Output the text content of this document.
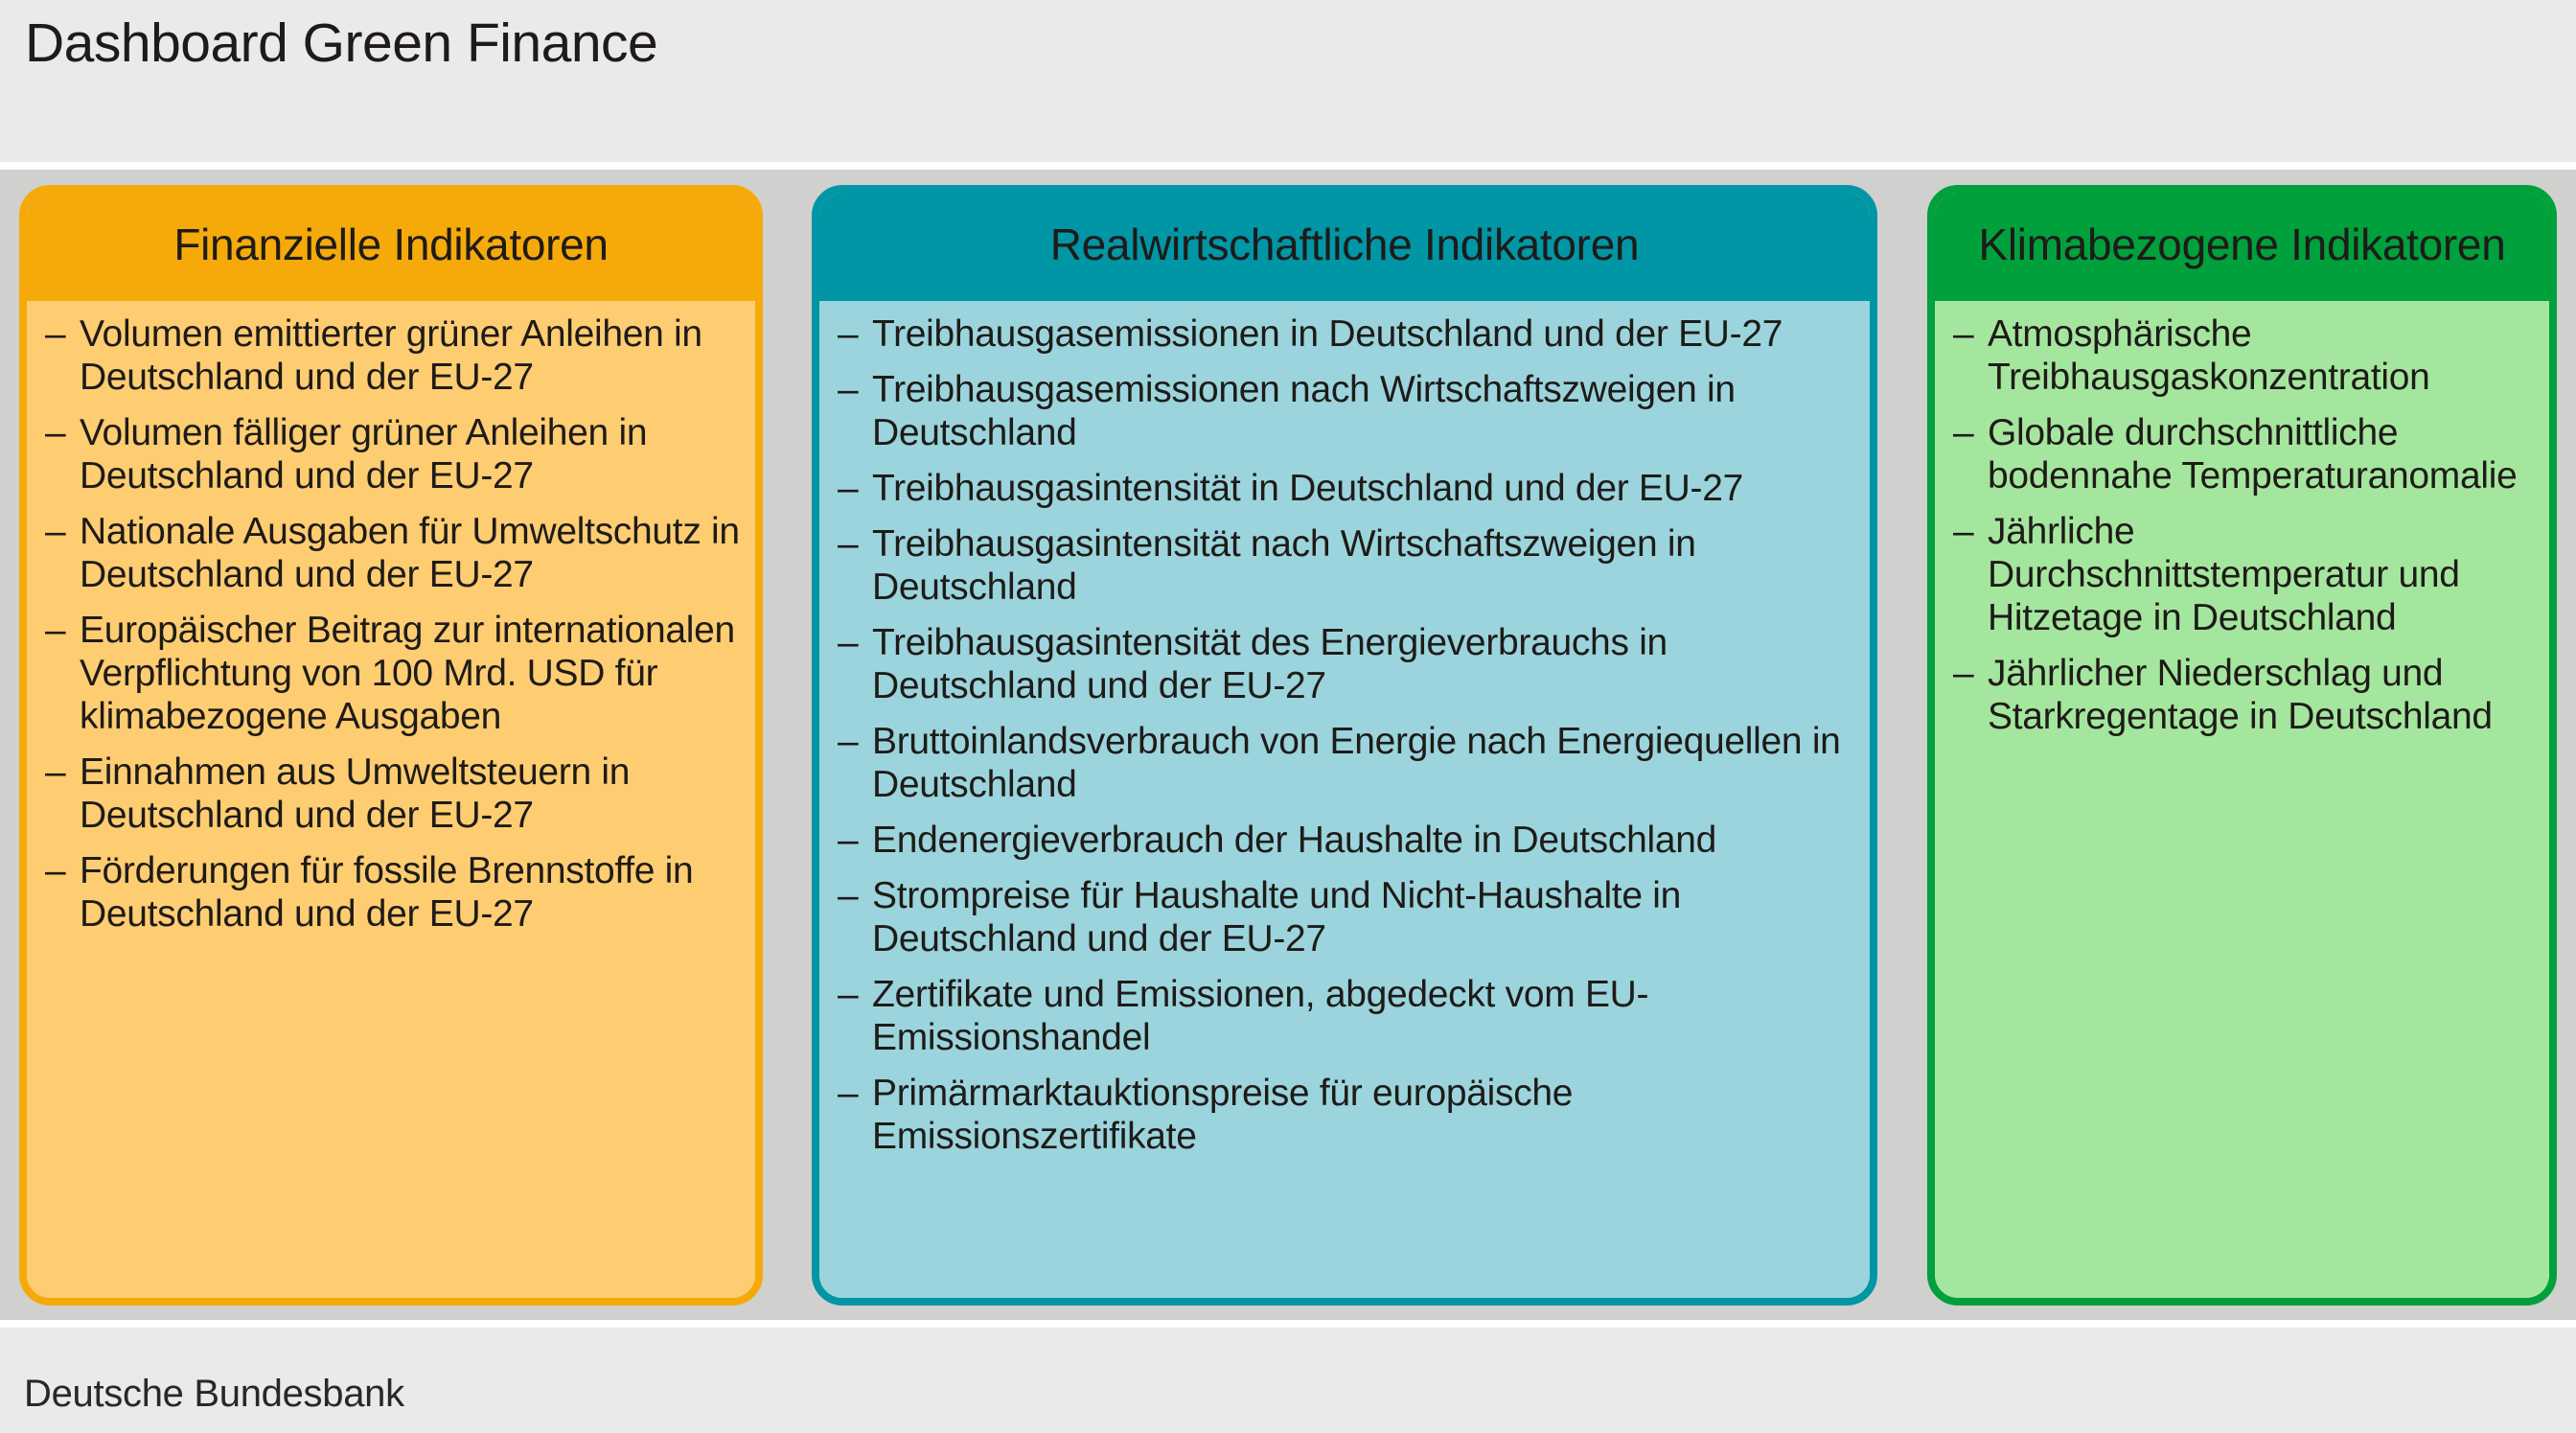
Dashboard Green Finance
Finanzielle Indikatoren
– Volumen emittierter grüner Anleihen in Deutschland und der EU-27
– Volumen fälliger grüner Anleihen in Deutschland und der EU-27
– Nationale Ausgaben für Umweltschutz in Deutschland und der EU-27
– Europäischer Beitrag zur internationalen Verpflichtung von 100 Mrd. USD für klimabezogene Ausgaben
– Einnahmen aus Umweltsteuern in Deutschland und der EU-27
– Förderungen für fossile Brennstoffe in Deutschland und der EU-27
Realwirtschaftliche Indikatoren
– Treibhausgasemissionen in Deutschland und der EU-27
– Treibhausgasemissionen nach Wirtschaftszweigen in Deutschland
– Treibhausgasintensität in Deutschland und der EU-27
– Treibhausgasintensität nach Wirtschaftszweigen in Deutschland
– Treibhausgasintensität des Energieverbrauchs in Deutschland und der EU-27
– Bruttoinlandsverbrauch von Energie nach Energiequellen in Deutschland
– Endenergieverbrauch der Haushalte in Deutschland
– Strompreise für Haushalte und Nicht-Haushalte in Deutschland und der EU-27
– Zertifikate und Emissionen, abgedeckt vom EU-Emissionshandel
– Primärmarktauktionspreise für europäische Emissionszertifikate
Klimabezogene Indikatoren
– Atmosphärische Treibhausgaskonzentration
– Globale durchschnittliche bodennahe Temperaturanomalie
– Jährliche Durchschnittstemperatur und Hitzetage in Deutschland
– Jährlicher Niederschlag und Starkregentage in Deutschland
Deutsche Bundesbank
